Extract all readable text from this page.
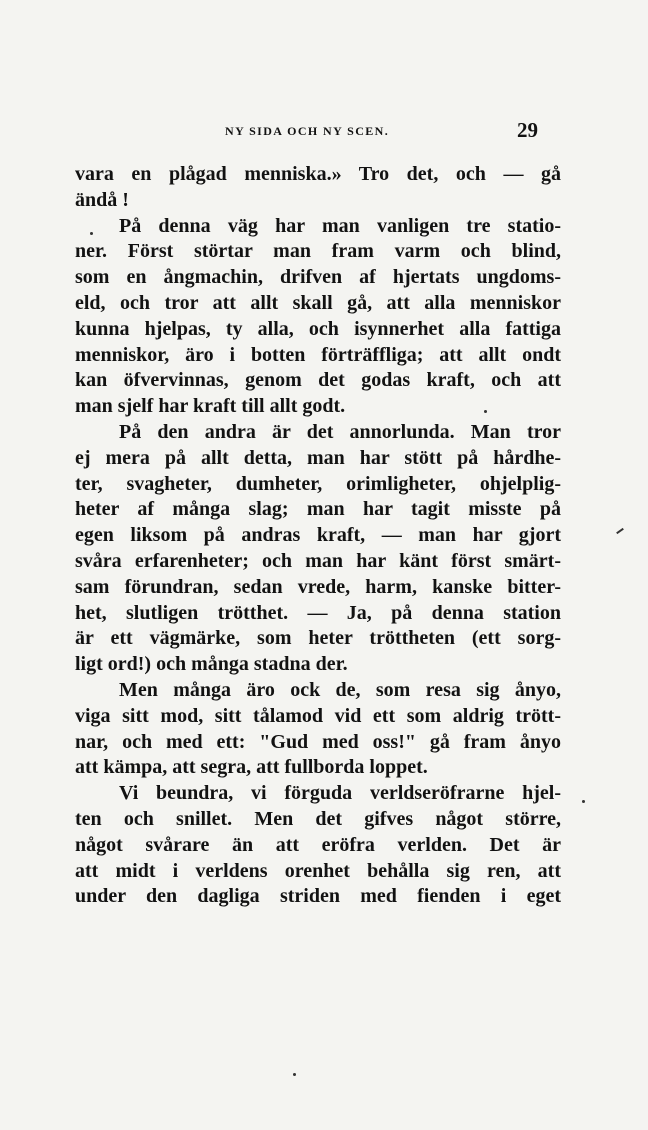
NY SIDA OCH NY SCEN.	29
vara en plågad menniska.» Tro det, och — gå
ändå !
På denna väg har man vanligen tre statio-
ner. Först störtar man fram varm och blind,
som en ångmachin, drifven af hjertats ungdoms-
eld, och tror att allt skall gå, att alla menniskor
kunna hjelpas, ty alla, och isynnerhet alla fattiga
menniskor, äro i botten förträffliga; att allt ondt
kan öfvervinnas, genom det godas kraft, och att
man sjelf har kraft till allt godt.
På den andra är det annorlunda. Man tror
ej mera på allt detta, man har stött på hårdhe-
ter, svagheter, dumheter, orimligheter, ohjelplig-
heter af många slag; man har tagit misste på
egen liksom på andras kraft, — man har gjort
svåra erfarenheter; och man har känt först smärt-
sam förundran, sedan vrede, harm, kanske bitter-
het, slutligen trötthet. — Ja, på denna station
är ett vägmärke, som heter tröttheten (ett sorg-
ligt ord!) och många stadna der.
Men många äro ock de, som resa sig ånyo,
viga sitt mod, sitt tålamod vid ett som aldrig trött-
nar, och med ett: "Gud med oss!" gå fram ånyo
att kämpa, att segra, att fullborda loppet.
Vi beundra, vi förguda verldseröfrarne hjel-
ten och snillet. Men det gifves något större,
något svårare än att eröfra verlden. Det är
att midt i verldens orenhet behålla sig ren, att
under den dagliga striden med fienden i eget
